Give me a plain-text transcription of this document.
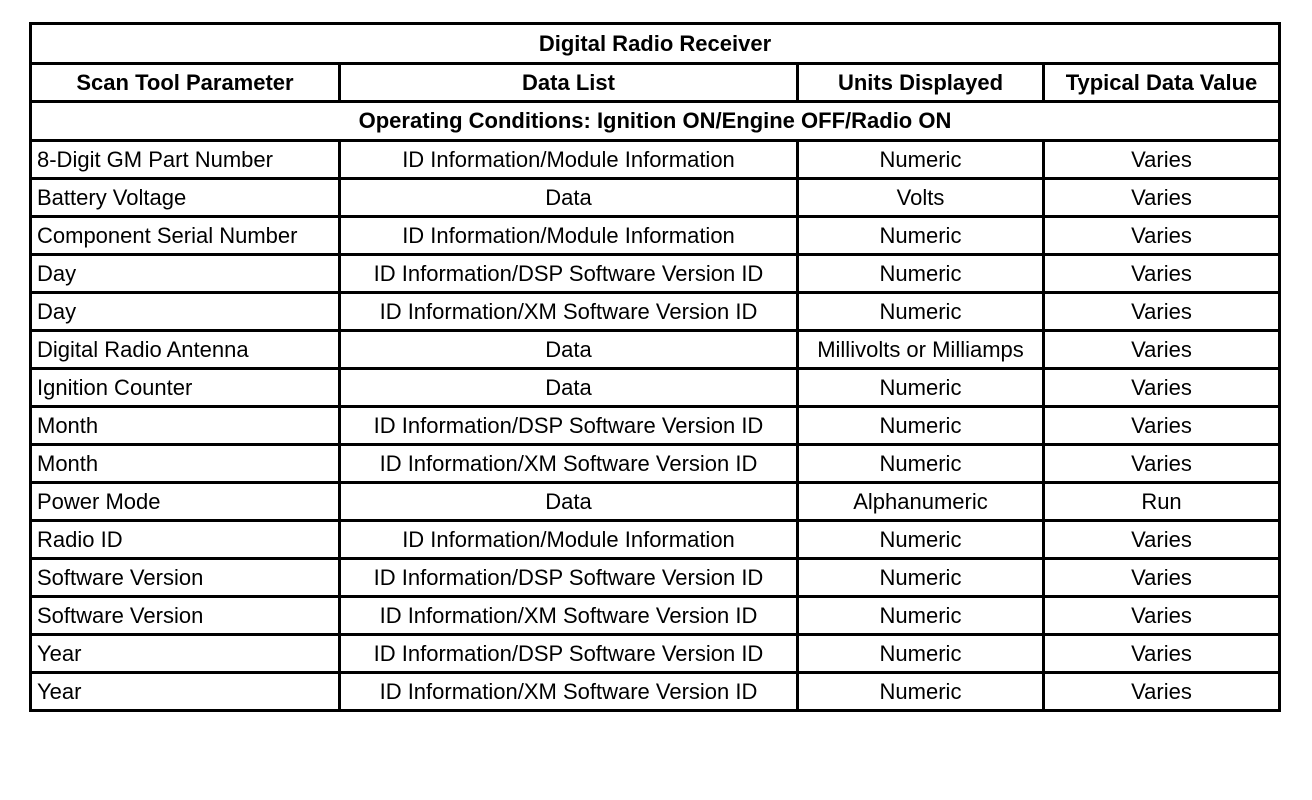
Digital Radio Receiver			
Scan Tool Parameter	Data List	Units Displayed	Typical Data Value
Operating Conditions: Ignition ON/Engine OFF/Radio ON			
8-Digit GM Part Number	ID Information/Module Information	Numeric	Varies
Battery Voltage	Data	Volts	Varies
Component Serial Number	ID Information/Module Information	Numeric	Varies
Day	ID Information/DSP Software Version ID	Numeric	Varies
Day	ID Information/XM Software Version ID	Numeric	Varies
Digital Radio Antenna	Data	Millivolts or Milliamps	Varies
Ignition Counter	Data	Numeric	Varies
Month	ID Information/DSP Software Version ID	Numeric	Varies
Month	ID Information/XM Software Version ID	Numeric	Varies
Power Mode	Data	Alphanumeric	Run
Radio ID	ID Information/Module Information	Numeric	Varies
Software Version	ID Information/DSP Software Version ID	Numeric	Varies
Software Version	ID Information/XM Software Version ID	Numeric	Varies
Year	ID Information/DSP Software Version ID	Numeric	Varies
Year	ID Information/XM Software Version ID	Numeric	Varies
